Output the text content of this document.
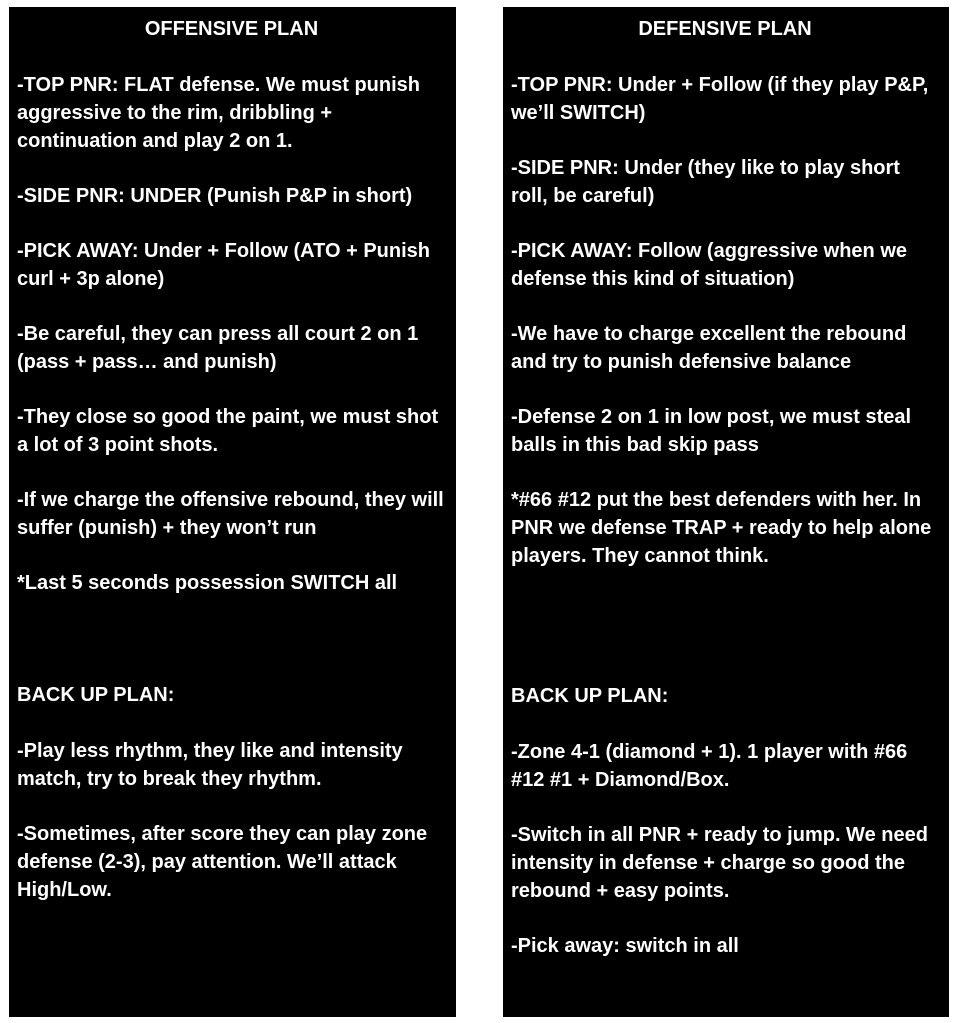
OFFENSIVE PLAN
-TOP PNR: FLAT defense. We must punish aggressive to the rim, dribbling + continuation and play 2 on 1.
-SIDE PNR: UNDER (Punish P&P in short)
-PICK AWAY: Under + Follow (ATO + Punish curl + 3p alone)
-Be careful, they can press all court 2 on 1 (pass + pass… and punish)
-They close so good the paint, we must shot a lot of 3 point shots.
-If we charge the offensive rebound, they will suffer (punish) + they won’t run
*Last 5 seconds possession SWITCH all
BACK UP PLAN:
-Play less rhythm, they like and intensity match, try to break they rhythm.
-Sometimes, after score they can play zone defense (2-3), pay attention. We’ll attack High/Low.
DEFENSIVE PLAN
-TOP PNR: Under + Follow (if they play P&P, we’ll SWITCH)
-SIDE PNR: Under (they like to play short roll, be careful)
-PICK AWAY: Follow (aggressive when we defense this kind of situation)
-We have to charge excellent the rebound and try to punish defensive balance
-Defense 2 on 1 in low post, we must steal balls in this bad skip pass
*#66 #12 put the best defenders with her. In PNR we defense TRAP + ready to help alone players. They cannot think.
BACK UP PLAN:
-Zone 4-1 (diamond + 1). 1 player with #66 #12 #1 + Diamond/Box.
-Switch in all PNR + ready to jump. We need intensity in defense + charge so good the rebound + easy points.
-Pick away: switch in all
